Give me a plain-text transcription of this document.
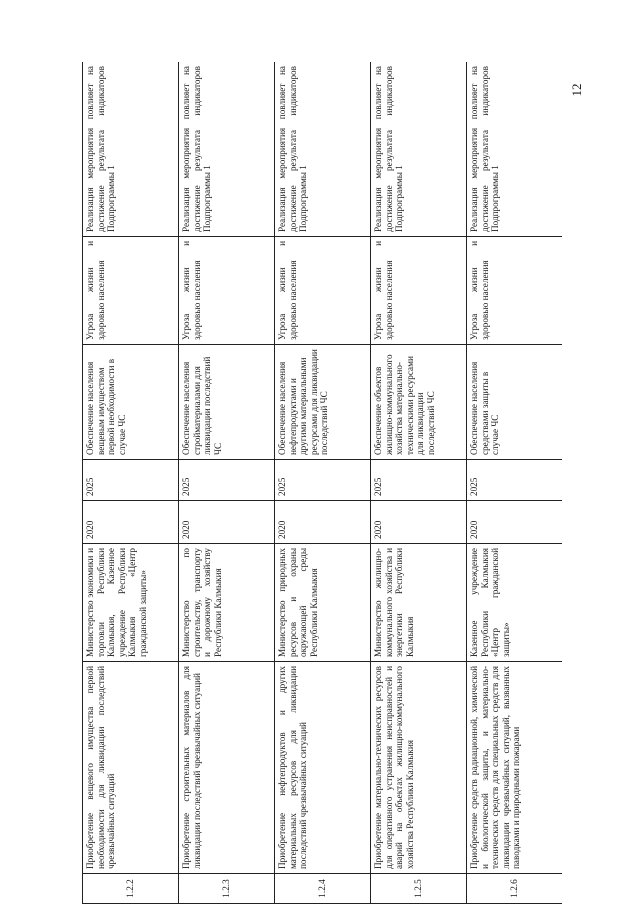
12
1.2.2	Приобретение вещевого имущества первой необходимости для ликвидации последствий чрезвычайных ситуаций	Министерство экономики и торговли Республики Калмыкия, Казенное учреждение Республики Калмыкия «Центр гражданской защиты»	2020	2025	Обеспечение населения вещевым имуществом первой необходимости в случае ЧС	Угроза жизни и здоровью населения	Реализация мероприятия повлияет на достижение результата индикаторов Подпрограммы 1
1.2.3	Приобретение строительных материалов для ликвидации последствий чрезвычайных ситуаций	Министерство по строительству, транспорту и дорожному хозяйству Республики Калмыкия	2020	2025	Обеспечение населения стройматериалами для ликвидации последствий ЧС	Угроза жизни и здоровью населения	Реализация мероприятия повлияет на достижение результата индикаторов Подпрограммы 1
1.2.4	Приобретение нефтепродуктов и других материальных ресурсов для ликвидации последствий чрезвычайных ситуаций	Министерство природных ресурсов и охраны окружающей среды Республики Калмыкия	2020	2025	Обеспечение населения нефтепродуктами и другими материальными ресурсами для ликвидации последствий ЧС	Угроза жизни и здоровью населения	Реализация мероприятия повлияет на достижение результата индикаторов Подпрограммы 1
1.2.5	Приобретение материально-технических ресурсов для оперативного устранения неисправностей и аварий на объектах жилищно-коммунального хозяйства Республики Калмыкия	Министерство жилищно-коммунального хозяйства и энергетики Республики Калмыкия	2020	2025	Обеспечение объектов жилищно-коммунального хозяйства материально-техническими ресурсами для ликвидации последствий ЧС	Угроза жизни и здоровью населения	Реализация мероприятия повлияет на достижение результата индикаторов Подпрограммы 1
1.2.6	Приобретение средств радиационной, химической и биологической защиты, и материально-технических средств для специальных средств для ликвидации чрезвычайных ситуаций, вызванных паводками и природными пожарами	Казенное учреждение Республики Калмыкия «Центр гражданской защиты»	2020	2025	Обеспечение населения средствами защиты в случае ЧС	Угроза жизни и здоровью населения	Реализация мероприятия повлияет на достижение результата индикаторов Подпрограммы 1
